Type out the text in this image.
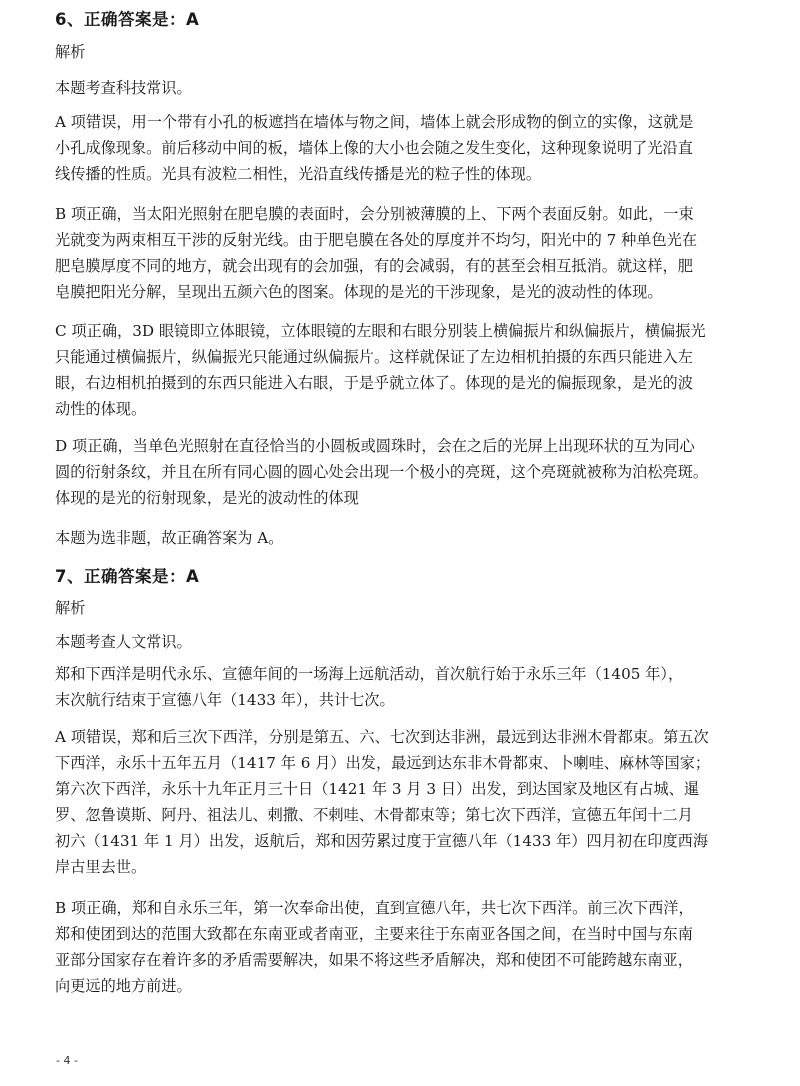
6、正确答案是：A
解析
本题考查科技常识。
A 项错误，用一个带有小孔的板遮挡在墙体与物之间，墙体上就会形成物的倒立的实像，这就是
小孔成像现象。前后移动中间的板，墙体上像的大小也会随之发生变化，这种现象说明了光沿直
线传播的性质。光具有波粒二相性，光沿直线传播是光的粒子性的体现。
B 项正确，当太阳光照射在肥皂膜的表面时，会分别被薄膜的上、下两个表面反射。如此，一束
光就变为两束相互干涉的反射光线。由于肥皂膜在各处的厚度并不均匀，阳光中的 7 种单色光在
肥皂膜厚度不同的地方，就会出现有的会加强，有的会减弱，有的甚至会相互抵消。就这样，肥
皂膜把阳光分解，呈现出五颜六色的图案。体现的是光的干涉现象，是光的波动性的体现。
C 项正确，3D 眼镜即立体眼镜，立体眼镜的左眼和右眼分别装上横偏振片和纵偏振片，横偏振光
只能通过横偏振片，纵偏振光只能通过纵偏振片。这样就保证了左边相机拍摄的东西只能进入左
眼，右边相机拍摄到的东西只能进入右眼，于是乎就立体了。体现的是光的偏振现象，是光的波
动性的体现。
D 项正确，当单色光照射在直径恰当的小圆板或圆珠时，会在之后的光屏上出现环状的互为同心
圆的衍射条纹，并且在所有同心圆的圆心处会出现一个极小的亮斑，这个亮斑就被称为泊松亮斑。
体现的是光的衍射现象，是光的波动性的体现
本题为选非题，故正确答案为 A。
7、正确答案是：A
解析
本题考查人文常识。
郑和下西洋是明代永乐、宣德年间的一场海上远航活动，首次航行始于永乐三年（1405 年），
末次航行结束于宣德八年（1433 年），共计七次。
A 项错误，郑和后三次下西洋，分别是第五、六、七次到达非洲，最远到达非洲木骨都束。第五次
下西洋，永乐十五年五月（1417 年 6 月）出发，最远到达东非木骨都束、卜喇哇、麻林等国家；
第六次下西洋，永乐十九年正月三十日（1421 年 3 月 3 日）出发，到达国家及地区有占城、暹
罗、忽鲁谟斯、阿丹、祖法儿、剌撒、不剌哇、木骨都束等；第七次下西洋，宣德五年闰十二月
初六（1431 年 1 月）出发，返航后，郑和因劳累过度于宣德八年（1433 年）四月初在印度西海
岸古里去世。
B 项正确，郑和自永乐三年，第一次奉命出使，直到宣德八年，共七次下西洋。前三次下西洋，
郑和使团到达的范围大致都在东南亚或者南亚，主要来往于东南亚各国之间，在当时中国与东南
亚部分国家存在着许多的矛盾需要解决，如果不将这些矛盾解决，郑和使团不可能跨越东南亚，
向更远的地方前进。
- 4 -
